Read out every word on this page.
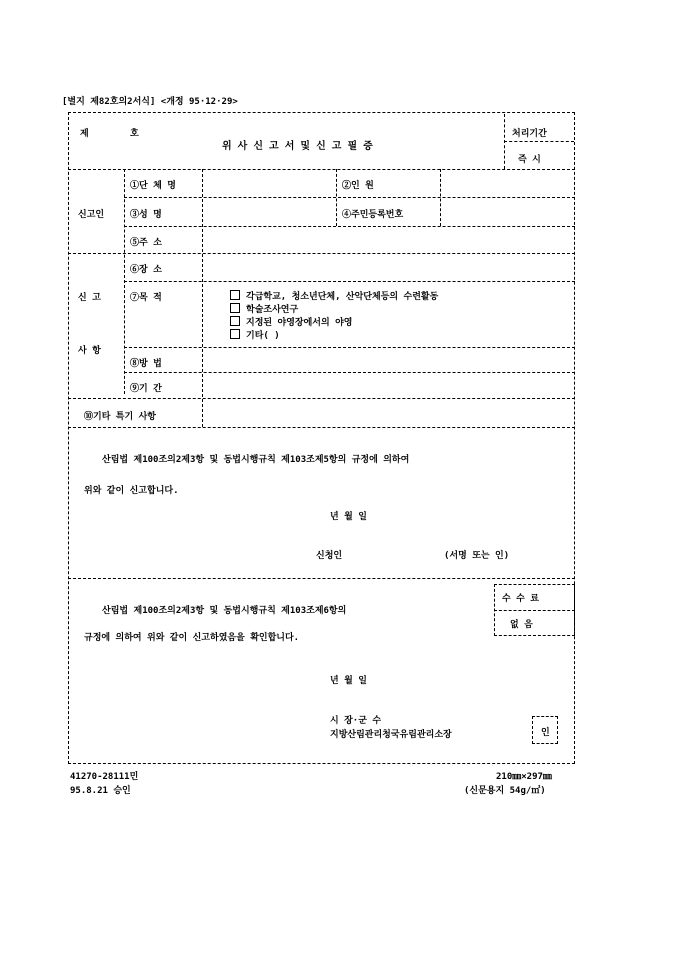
[별지 제82호의2서식] <개정 95·12·29>
제	호
위 사 신 고 서 및 신 고 필 증
처리기간
즉 시
신고인
①단 체 명	②인 원
③성 명	④주민등록번호
⑤주 소
신 고
사 항
⑥장 소
⑦목 적	각급학교, 청소년단체, 산악단체등의 수련활동
학술조사연구
지정된 야영장에서의 야영
기타( )
⑧방 법
⑨기 간
⑩기타 특기 사항
산림법 제100조의2제3항 및 동법시행규칙 제103조제5항의 규정에 의하여
위와 같이 신고합니다.
년 월 일
신청인	(서명 또는 인)
수 수 료
없 음
산림법 제100조의2제3항 및 동법시행규칙 제103조제6항의
규정에 의하여 위와 같이 신고하였음을 확인합니다.
년 월 일
시 장·군 수
지방산림관리청국유림관리소장	인
41270-28111민
95.8.21 승인
210㎜×297㎜
(신문용지 54g/㎡)
